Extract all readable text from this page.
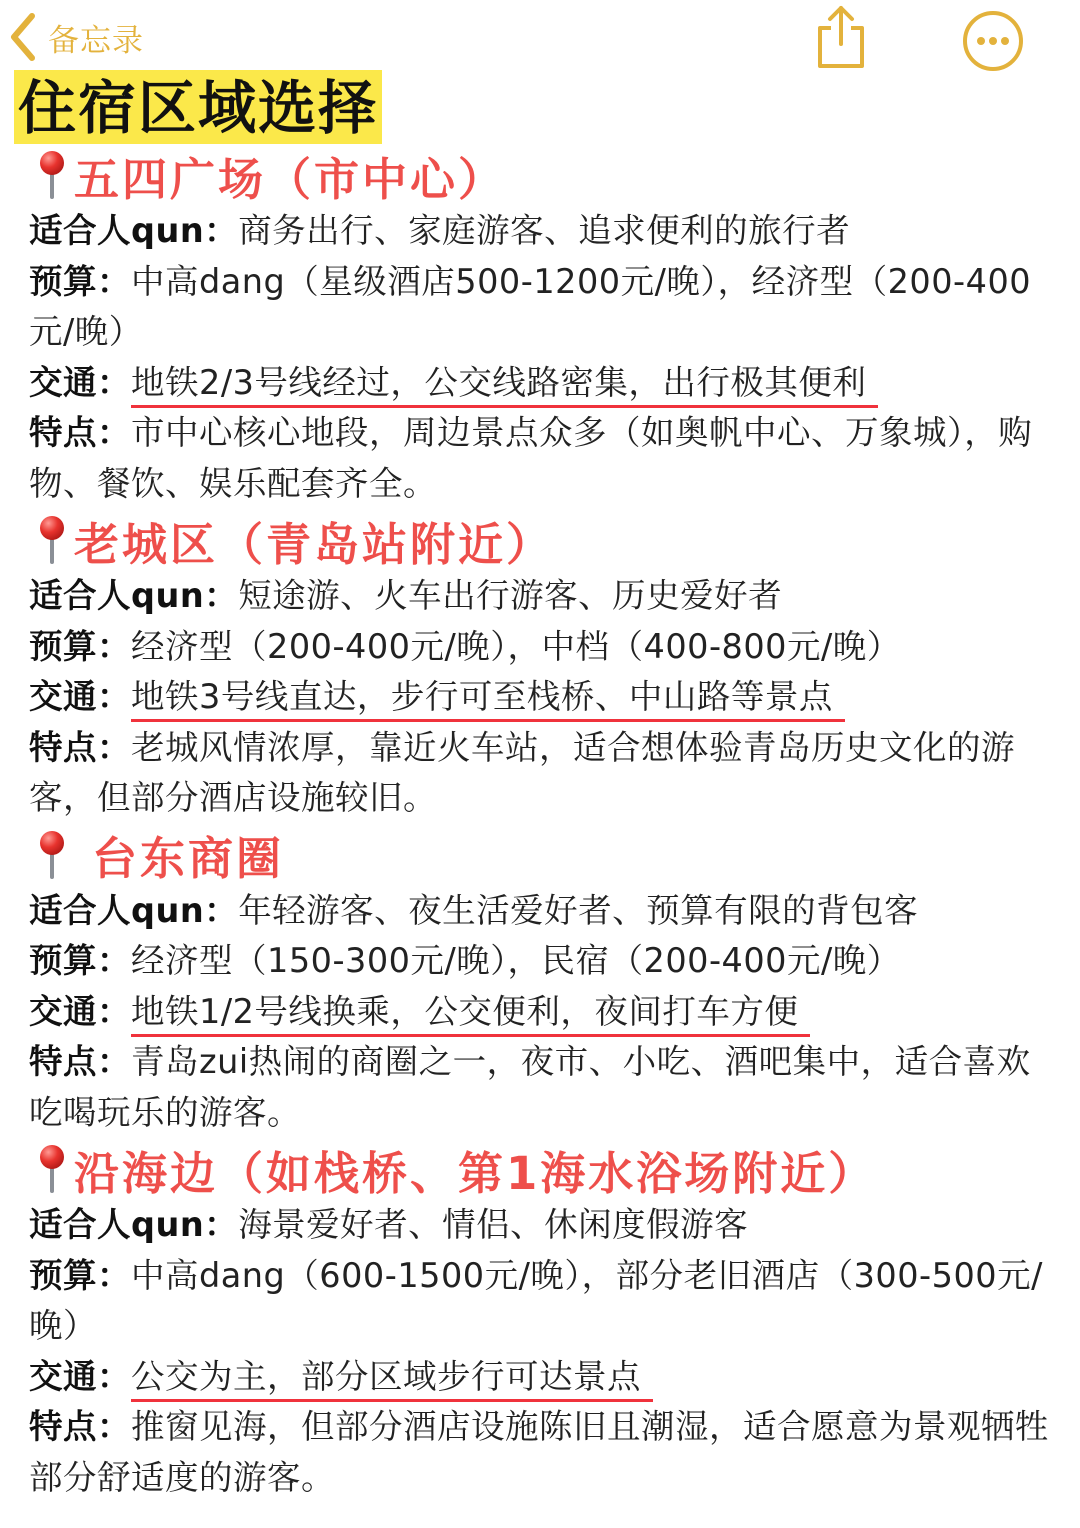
备忘录
住宿区域选择
五四广场（市中心）
适合人qun：商务出行、家庭游客、追求便利的旅行者
预算：中高dang（星级酒店500-1200元/晚），经济型（200-400元/晚）
交通：地铁2/3号线经过，公交线路密集，出行极其便利
特点：市中心核心地段，周边景点众多（如奥帆中心、万象城），购物、餐饮、娱乐配套齐全。
老城区（青岛站附近）
适合人qun：短途游、火车出行游客、历史爱好者
预算：经济型（200-400元/晚），中档（400-800元/晚）
交通：地铁3号线直达，步行可至栈桥、中山路等景点
特点：老城风情浓厚，靠近火车站，适合想体验青岛历史文化的游客，但部分酒店设施较旧。
台东商圈
适合人qun：年轻游客、夜生活爱好者、预算有限的背包客
预算：经济型（150-300元/晚），民宿（200-400元/晚）
交通：地铁1/2号线换乘，公交便利，夜间打车方便
特点：青岛zui热闹的商圈之一，夜市、小吃、酒吧集中，适合喜欢吃喝玩乐的游客。
沿海边（如栈桥、第1海水浴场附近）
适合人qun：海景爱好者、情侣、休闲度假游客
预算：中高dang（600-1500元/晚），部分老旧酒店（300-500元/晚）
交通：公交为主，部分区域步行可达景点
特点：推窗见海，但部分酒店设施陈旧且潮湿，适合愿意为景观牺牲部分舒适度的游客。
